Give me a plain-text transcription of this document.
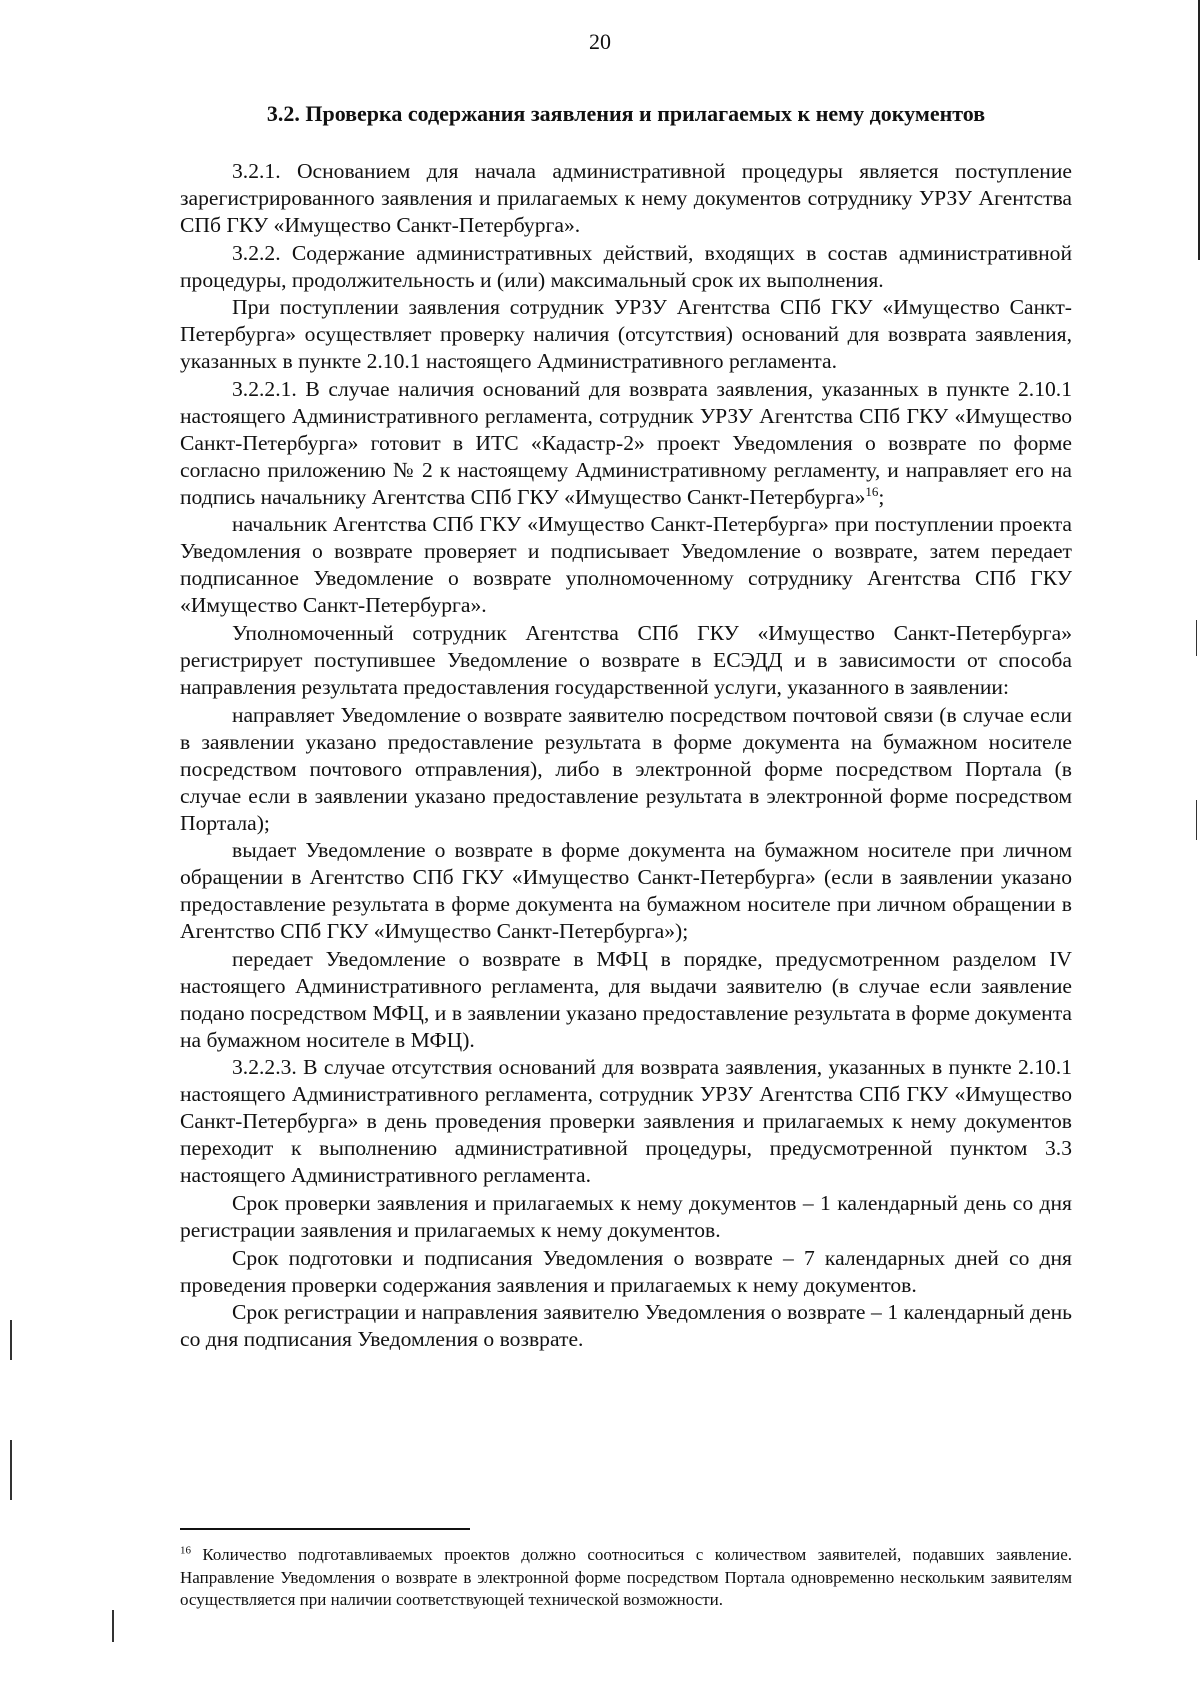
20
3.2. Проверка содержания заявления и прилагаемых к нему документов

3.2.1. Основанием для начала административной процедуры является поступление зарегистрированного заявления и прилагаемых к нему документов сотруднику УРЗУ Агентства СПб ГКУ «Имущество Санкт-Петербурга».

3.2.2. Содержание административных действий, входящих в состав административной процедуры, продолжительность и (или) максимальный срок их выполнения.

При поступлении заявления сотрудник УРЗУ Агентства СПб ГКУ «Имущество Санкт-Петербурга» осуществляет проверку наличия (отсутствия) оснований для возврата заявления, указанных в пункте 2.10.1 настоящего Административного регламента.

3.2.2.1. В случае наличия оснований для возврата заявления, указанных в пункте 2.10.1 настоящего Административного регламента, сотрудник УРЗУ Агентства СПб ГКУ «Имущество Санкт-Петербурга» готовит в ИТС «Кадастр-2» проект Уведомления о возврате по форме согласно приложению № 2 к настоящему Административному регламенту, и направляет его на подпись начальнику Агентства СПб ГКУ «Имущество Санкт-Петербурга»$^{16}$;

начальник Агентства СПб ГКУ «Имущество Санкт-Петербурга» при поступлении проекта Уведомления о возврате проверяет и подписывает Уведомление о возврате, затем передает подписанное Уведомление о возврате уполномоченному сотруднику Агентства СПб ГКУ «Имущество Санкт-Петербурга».

Уполномоченный сотрудник Агентства СПб ГКУ «Имущество Санкт-Петербурга» регистрирует поступившее Уведомление о возврате в ЕСЭДД и в зависимости от способа направления результата предоставления государственной услуги, указанного в заявлении:

направляет Уведомление о возврате заявителю посредством почтовой связи (в случае если в заявлении указано предоставление результата в форме документа на бумажном носителе посредством почтового отправления), либо в электронной форме посредством Портала (в случае если в заявлении указано предоставление результата в электронной форме посредством Портала);

выдает Уведомление о возврате в форме документа на бумажном носителе при личном обращении в Агентство СПб ГКУ «Имущество Санкт-Петербурга» (если в заявлении указано предоставление результата в форме документа на бумажном носителе при личном обращении в Агентство СПб ГКУ «Имущество Санкт-Петербурга»);

передает Уведомление о возврате в МФЦ в порядке, предусмотренном разделом IV настоящего Административного регламента, для выдачи заявителю (в случае если заявление подано посредством МФЦ, и в заявлении указано предоставление результата в форме документа на бумажном носителе в МФЦ).

3.2.2.3. В случае отсутствия оснований для возврата заявления, указанных в пункте 2.10.1 настоящего Административного регламента, сотрудник УРЗУ Агентства СПб ГКУ «Имущество Санкт-Петербурга» в день проведения проверки заявления и прилагаемых к нему документов переходит к выполнению административной процедуры, предусмотренной пунктом 3.3 настоящего Административного регламента.

Срок проверки заявления и прилагаемых к нему документов – 1 календарный день со дня регистрации заявления и прилагаемых к нему документов.

Срок подготовки и подписания Уведомления о возврате – 7 календарных дней со дня проведения проверки содержания заявления и прилагаемых к нему документов.

Срок регистрации и направления заявителю Уведомления о возврате – 1 календарный день со дня подписания Уведомления о возврате.

$^{16}$ Количество подготавливаемых проектов должно соотноситься с количеством заявителей, подавших заявление. Направление Уведомления о возврате в электронной форме посредством Портала одновременно нескольким заявителям осуществляется при наличии соответствующей технической возможности.
